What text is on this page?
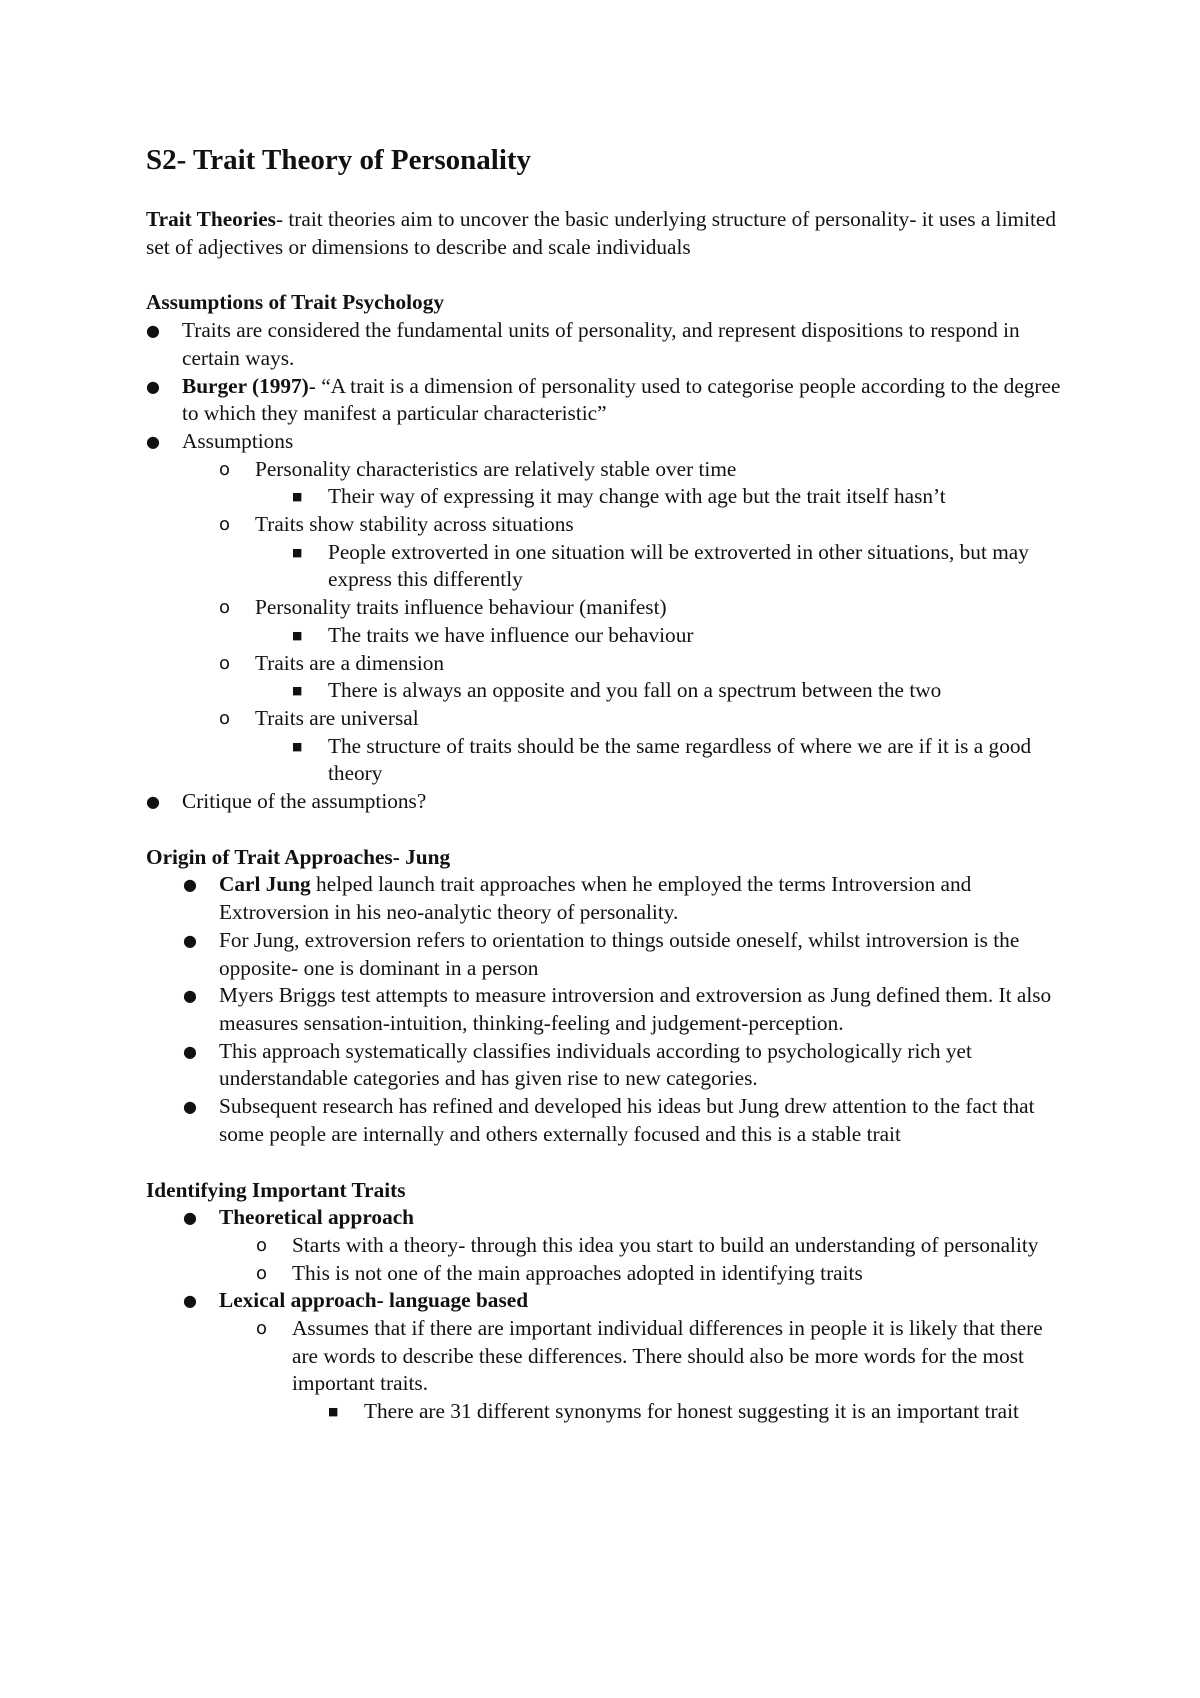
S2- Trait Theory of Personality

Trait Theories- trait theories aim to uncover the basic underlying structure of personality- it uses a limited set of adjectives or dimensions to describe and scale individuals

Assumptions of Trait Psychology

● Traits are considered the fundamental units of personality, and represent dispositions to respond in certain ways.
● Burger (1997)- “A trait is a dimension of personality used to categorise people according to the degree to which they manifest a particular characteristic”
● Assumptions
o Personality characteristics are relatively stable over time
■ Their way of expressing it may change with age but the trait itself hasn’t
o Traits show stability across situations
■ People extroverted in one situation will be extroverted in other situations, but may express this differently
o Personality traits influence behaviour (manifest)
■ The traits we have influence our behaviour
o Traits are a dimension
■ There is always an opposite and you fall on a spectrum between the two
o Traits are universal
■ The structure of traits should be the same regardless of where we are if it is a good theory
● Critique of the assumptions?

Origin of Trait Approaches- Jung

● Carl Jung helped launch trait approaches when he employed the terms Introversion and Extroversion in his neo-analytic theory of personality.
● For Jung, extroversion refers to orientation to things outside oneself, whilst introversion is the opposite- one is dominant in a person
● Myers Briggs test attempts to measure introversion and extroversion as Jung defined them. It also measures sensation-intuition, thinking-feeling and judgement-perception.
● This approach systematically classifies individuals according to psychologically rich yet understandable categories and has given rise to new categories.
● Subsequent research has refined and developed his ideas but Jung drew attention to the fact that some people are internally and others externally focused and this is a stable trait

Identifying Important Traits

● Theoretical approach
o Starts with a theory- through this idea you start to build an understanding of personality
o This is not one of the main approaches adopted in identifying traits
● Lexical approach- language based
o Assumes that if there are important individual differences in people it is likely that there are words to describe these differences. There should also be more words for the most important traits.
■ There are 31 different synonyms for honest suggesting it is an important trait
